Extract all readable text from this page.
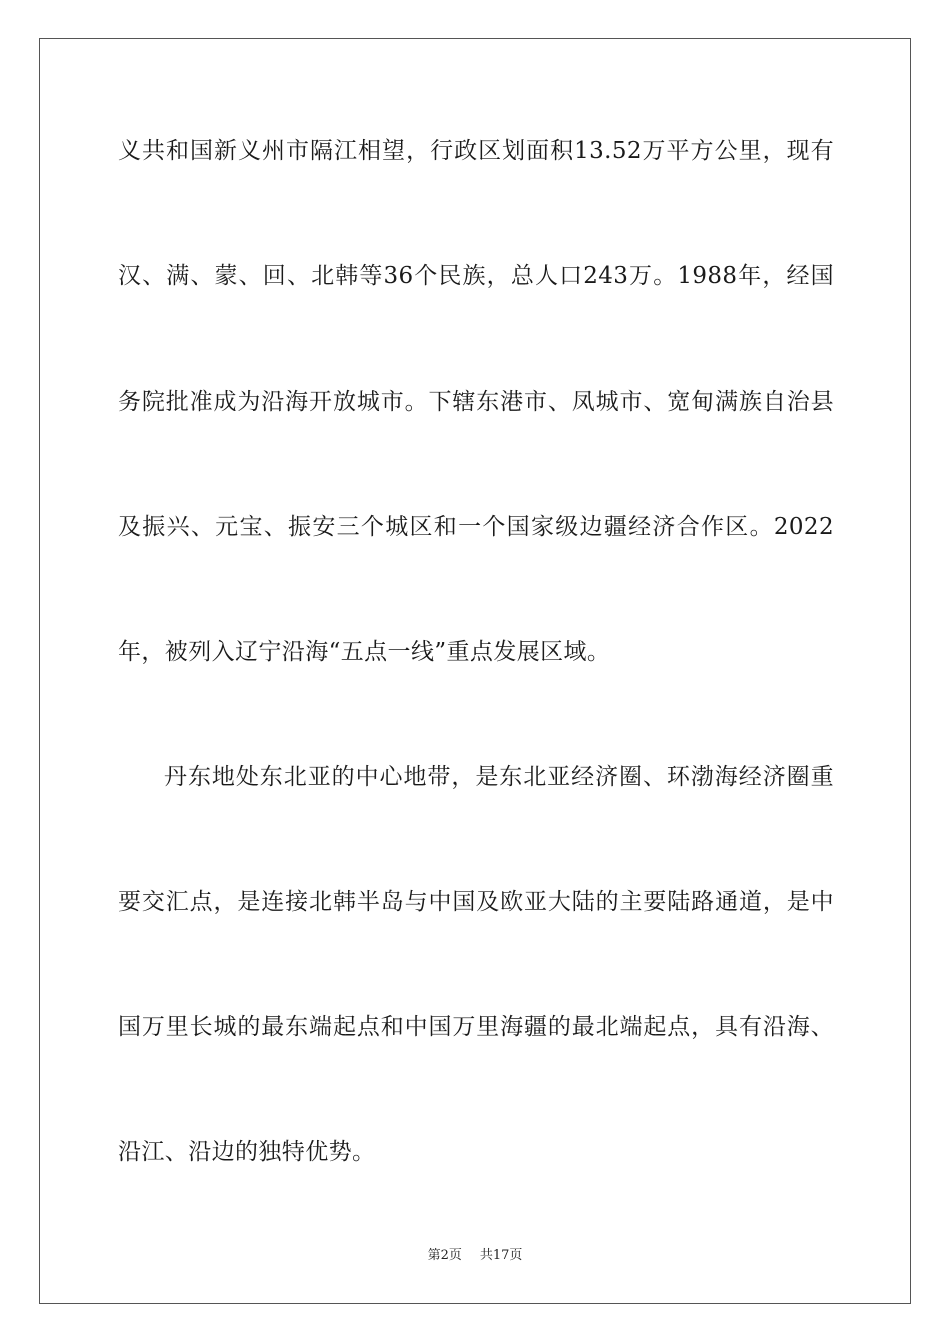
义共和国新义州市隔江相望，行政区划面积13.52万平方公里，现有
汉、满、蒙、回、北韩等36个民族，总人口243万。1988年，经国
务院批准成为沿海开放城市。下辖东港市、凤城市、宽甸满族自治县
及振兴、元宝、振安三个城区和一个国家级边疆经济合作区。2022
年，被列入辽宁沿海“五点一线”重点发展区域。
丹东地处东北亚的中心地带，是东北亚经济圈、环渤海经济圈重
要交汇点，是连接北韩半岛与中国及欧亚大陆的主要陆路通道，是中
国万里长城的最东端起点和中国万里海疆的最北端起点，具有沿海、
沿江、沿边的独特优势。
第2页 共17页
